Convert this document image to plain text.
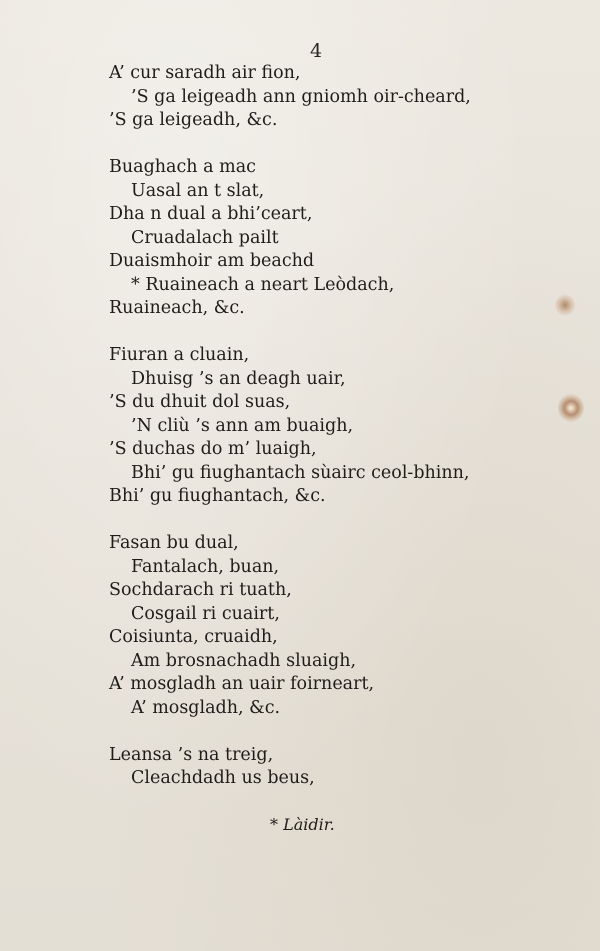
4
A’ cur saradh air fion,
’S ga leigeadh ann gniomh oir-cheard,
’S ga leigeadh, &c.
Buaghach a mac
Uasal an t slat,
Dha n dual a bhi’ceart,
Cruadalach pailt
Duaismhoir am beachd
* Ruaineach a neart Leòdach,
Ruaineach, &c.
Fiuran a cluain,
Dhuisg ’s an deagh uair,
’S du dhuit dol suas,
’N cliù ’s ann am buaigh,
’S duchas do m’ luaigh,
Bhi’ gu fiughantach sùairc ceol-bhinn,
Bhi’ gu fiughantach, &c.
Fasan bu dual,
Fantalach, buan,
Sochdarach ri tuath,
Cosgail ri cuairt,
Coisiunta, cruaidh,
Am brosnachadh sluaigh,
A’ mosgladh an uair foirneart,
A’ mosgladh, &c.
Leansa ’s na treig,
Cleachdadh us beus,
* Làidir.
